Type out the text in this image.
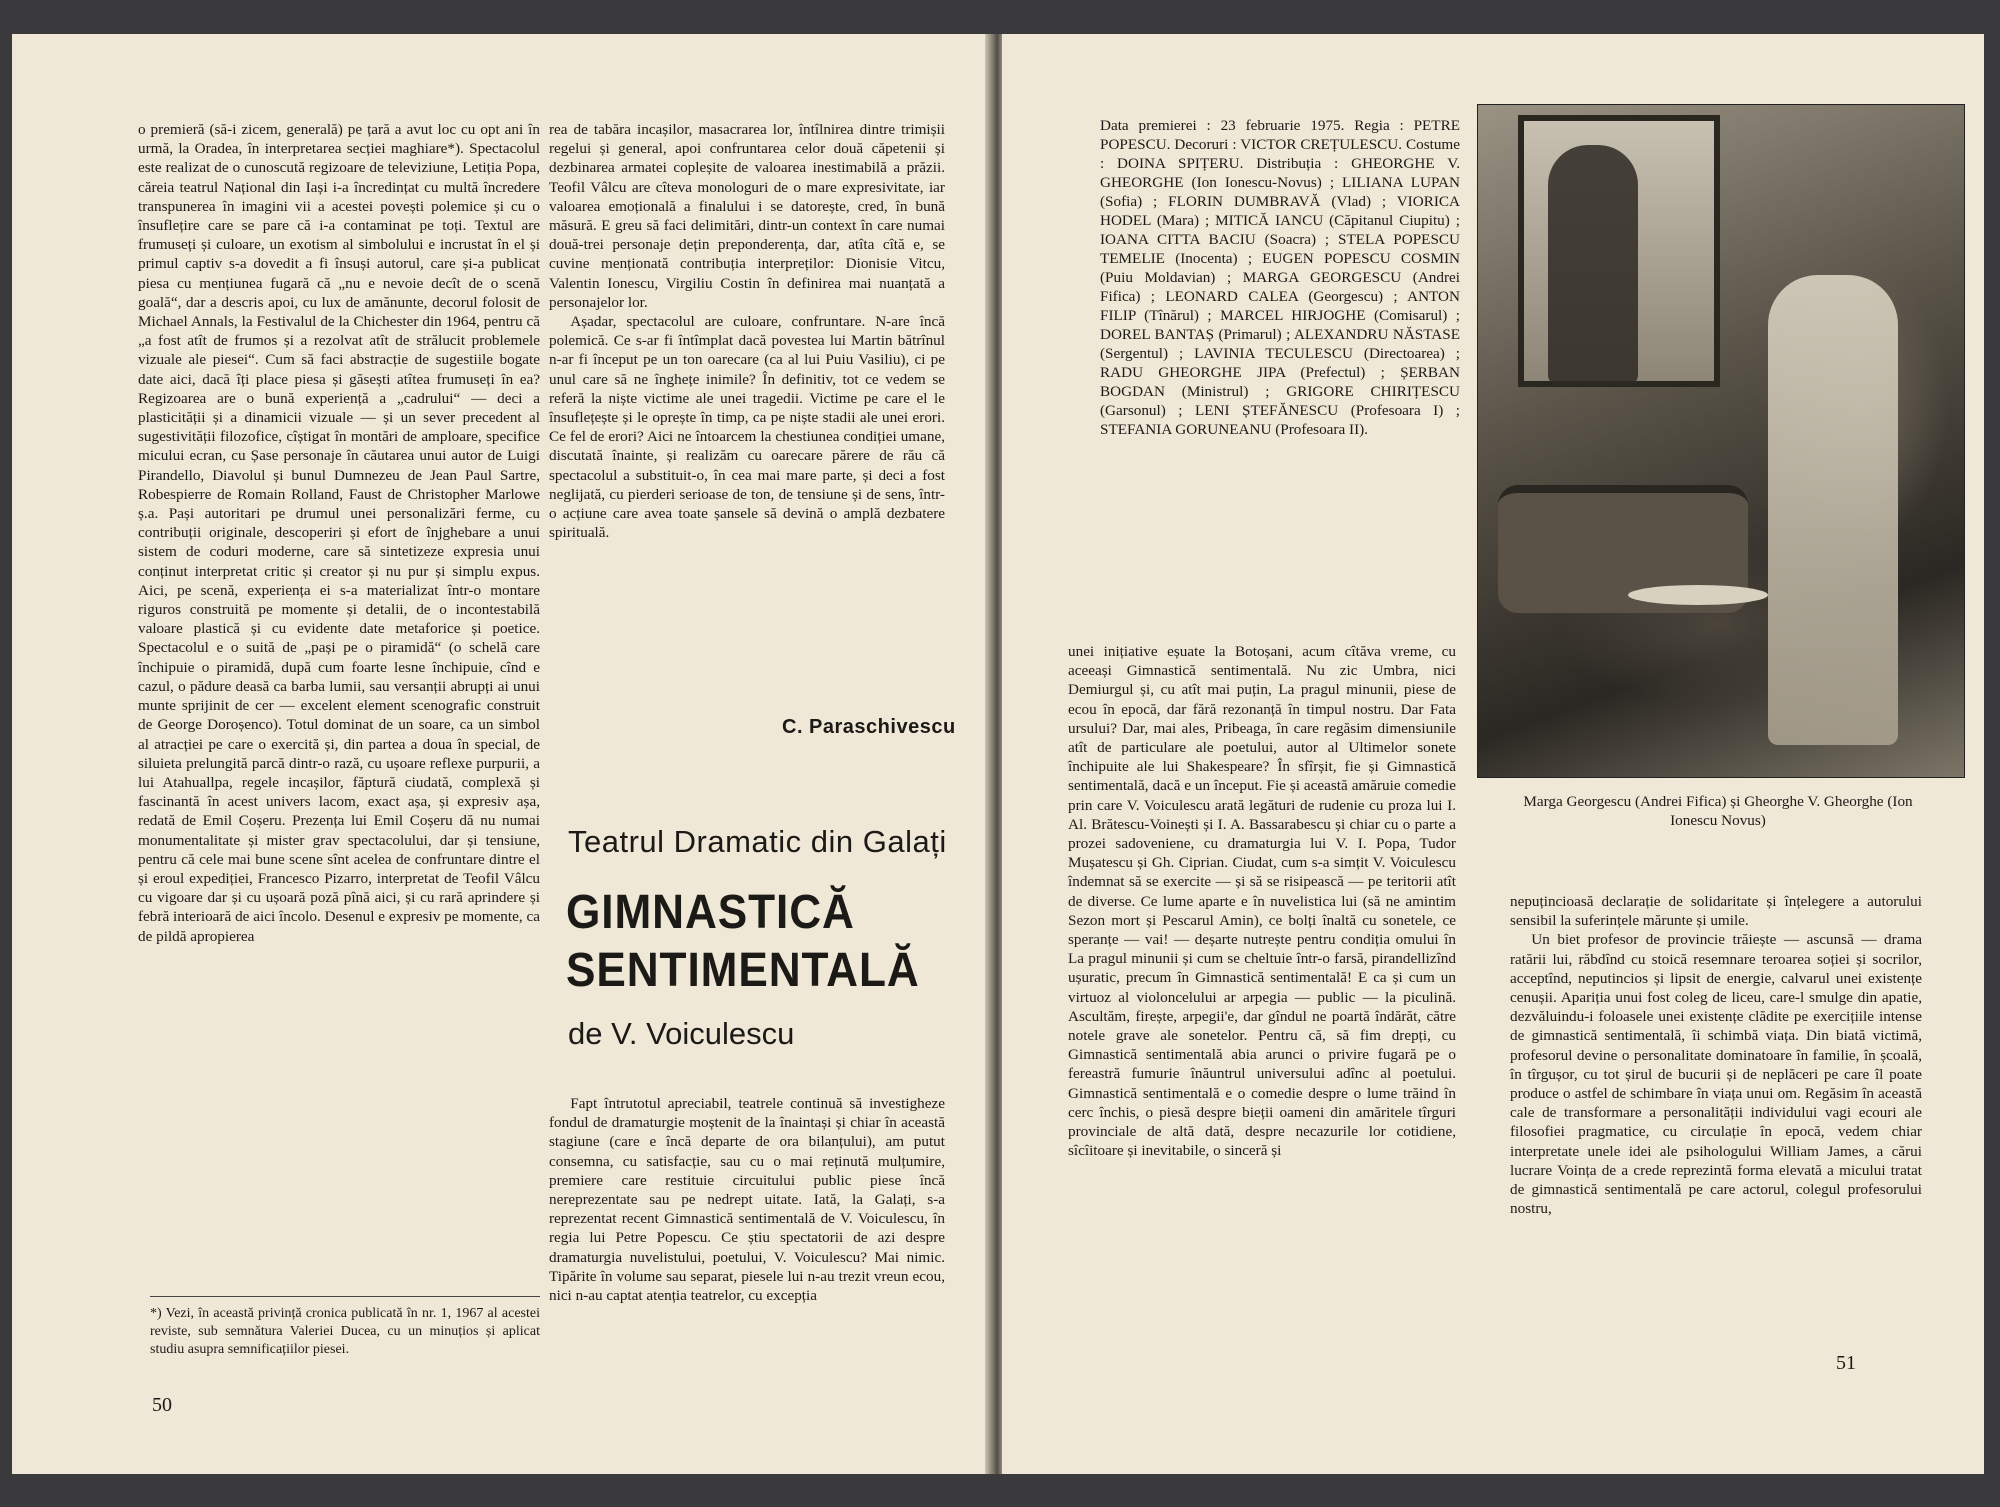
o premieră (să-i zicem, generală) pe țară a avut loc cu opt ani în urmă, la Oradea, în interpretarea secției maghiare*). Spectacolul este realizat de o cunoscută regizoare de televiziune, Letiția Popa, căreia teatrul Național din Iași i-a încredințat cu multă încredere transpunerea în imagini vii a acestei povești polemice și cu o însuflețire care se pare că i-a contaminat pe toți. Textul are frumuseți și culoare, un exotism al simbolului e incrustat în el și primul captiv s-a dovedit a fi însuși autorul, care și-a publicat piesa cu mențiunea fugară că „nu e nevoie decît de o scenă goală“, dar a descris apoi, cu lux de amănunte, decorul folosit de Michael Annals, la Festivalul de la Chichester din 1964, pentru că „a fost atît de frumos și a rezolvat atît de strălucit problemele vizuale ale piesei“. Cum să faci abstracție de sugestiile bogate date aici, dacă îți place piesa și găsești atîtea frumuseți în ea? Regizoarea are o bună experiență a „cadrului“ — deci a plasticității și a dinamicii vizuale — și un sever precedent al sugestivității filozofice, cîștigat în montări de amploare, specifice micului ecran, cu Șase personaje în căutarea unui autor de Luigi Pirandello, Diavolul și bunul Dumnezeu de Jean Paul Sartre, Robespierre de Romain Rolland, Faust de Christopher Marlowe ș.a. Pași autoritari pe drumul unei personalizări ferme, cu contribuții originale, descoperiri și efort de înjghebare a unui sistem de coduri moderne, care să sintetizeze expresia unui conținut interpretat critic și creator și nu pur și simplu expus. Aici, pe scenă, experiența ei s-a materializat într-o montare riguros construită pe momente și detalii, de o incontestabilă valoare plastică și cu evidente date metaforice și poetice. Spectacolul e o suită de „pași pe o piramidă“ (o schelă care închipuie o piramidă, după cum foarte lesne închipuie, cînd e cazul, o pădure deasă ca barba lumii, sau versanții abrupți ai unui munte sprijinit de cer — excelent element scenografic construit de George Doroșenco). Totul dominat de un soare, ca un simbol al atracției pe care o exercită și, din partea a doua în special, de siluieta prelungită parcă dintr-o rază, cu ușoare reflexe purpurii, a lui Atahuallpa, regele incașilor, făptură ciudată, complexă și fascinantă în acest univers lacom, exact așa, și expresiv așa, redată de Emil Coșeru. Prezența lui Emil Coșeru dă nu numai monumentalitate și mister grav spectacolului, dar și tensiune, pentru că cele mai bune scene sînt acelea de confruntare dintre el și eroul expediției, Francesco Pizarro, interpretat de Teofil Vâlcu cu vigoare dar și cu ușoară poză pînă aici, și cu rară aprindere și febră interioară de aici încolo. Desenul e expresiv pe momente, ca de pildă apropierea

rea de tabăra incașilor, masacrarea lor, întîlnirea dintre trimișii regelui și general, apoi confruntarea celor două căpetenii și dezbinarea armatei copleșite de valoarea inestimabilă a prăzii. Teofil Vâlcu are cîteva monologuri de o mare expresivitate, iar valoarea emoțională a finalului i se datorește, cred, în bună măsură. E greu să faci delimitări, dintr-un context în care numai două-trei personaje dețin preponderența, dar, atîta cîtă e, se cuvine menționată contribuția interpreților: Dionisie Vitcu, Valentin Ionescu, Virgiliu Costin în definirea mai nuanțată a personajelor lor.

Așadar, spectacolul are culoare, confruntare. N-are încă polemică. Ce s-ar fi întîmplat dacă povestea lui Martin bătrînul n-ar fi început pe un ton oarecare (ca al lui Puiu Vasiliu), ci pe unul care să ne înghețe inimile? În definitiv, tot ce vedem se referă la niște victime ale unei tragedii. Victime pe care el le însuflețește și le oprește în timp, ca pe niște stadii ale unei erori. Ce fel de erori? Aici ne întoarcem la chestiunea condiției umane, discutată înainte, și realizăm cu oarecare părere de rău că spectacolul a substituit-o, în cea mai mare parte, și deci a fost neglijată, cu pierderi serioase de ton, de tensiune și de sens, într-o acțiune care avea toate șansele să devină o amplă dezbatere spirituală.

C. Paraschivescu
Teatrul Dramatic din Galați
GIMNASTICĂ
SENTIMENTALĂ
de V. Voiculescu

Fapt întrutotul apreciabil, teatrele continuă să investigheze fondul de dramaturgie moștenit de la înaintași și chiar în această stagiune (care e încă departe de ora bilanțului), am putut consemna, cu satisfacție, sau cu o mai reținută mulțumire, premiere care restituie circuitului public piese încă nereprezentate sau pe nedrept uitate. Iată, la Galați, s-a reprezentat recent Gimnastică sentimentală de V. Voiculescu, în regia lui Petre Popescu. Ce știu spectatorii de azi despre dramaturgia nuvelistului, poetului, V. Voiculescu? Mai nimic. Tipărite în volume sau separat, piesele lui n-au trezit vreun ecou, nici n-au captat atenția teatrelor, cu excepția

*) Vezi, în această privință cronica publicată în nr. 1, 1967 al acestei reviste, sub semnătura Valeriei Ducea, cu un minuțios și aplicat studiu asupra semnificațiilor piesei.
50
Data premierei : 23 februarie 1975. Regia : PETRE POPESCU. Decoruri : VICTOR CREȚULESCU. Costume : DOINA SPIȚERU. Distribuția : GHEORGHE V. GHEORGHE (Ion Ionescu-Novus) ; LILIANA LUPAN (Sofia) ; FLORIN DUMBRAVĂ (Vlad) ; VIORICA HODEL (Mara) ; MITICĂ IANCU (Căpitanul Ciupitu) ; IOANA CITTA BACIU (Soacra) ; STELA POPESCU TEMELIE (Inocenta) ; EUGEN POPESCU COSMIN (Puiu Moldavian) ; MARGA GEORGESCU (Andrei Fifica) ; LEONARD CALEA (Georgescu) ; ANTON FILIP (Tînărul) ; MARCEL HIRJOGHE (Comisarul) ; DOREL BANTAȘ (Primarul) ; ALEXANDRU NĂSTASE (Sergentul) ; LAVINIA TECULESCU (Directoarea) ; RADU GHEORGHE JIPA (Prefectul) ; ȘERBAN BOGDAN (Ministrul) ; GRIGORE CHIRIȚESCU (Garsonul) ; LENI ȘTEFĂNESCU (Profesoara I) ; STEFANIA GORUNEANU (Profesoara II).
Marga Georgescu (Andrei Fifica) și Gheorghe V. Gheorghe (Ion Ionescu Novus)

unei inițiative eșuate la Botoșani, acum cîtăva vreme, cu aceeași Gimnastică sentimentală. Nu zic Umbra, nici Demiurgul și, cu atît mai puțin, La pragul minunii, piese de ecou în epocă, dar fără rezonanță în timpul nostru. Dar Fata ursului? Dar, mai ales, Pribeaga, în care regăsim dimensiunile atît de particulare ale poetului, autor al Ultimelor sonete închipuite ale lui Shakespeare? În sfîrșit, fie și Gimnastică sentimentală, dacă e un început. Fie și această amăruie comedie prin care V. Voiculescu arată legături de rudenie cu proza lui I. Al. Brătescu-Voinești și I. A. Bassarabescu și chiar cu o parte a prozei sadoveniene, cu dramaturgia lui V. I. Popa, Tudor Mușatescu și Gh. Ciprian. Ciudat, cum s-a simțit V. Voiculescu îndemnat să se exercite — și să se risipească — pe teritorii atît de diverse. Ce lume aparte e în nuvelistica lui (să ne amintim Sezon mort și Pescarul Amin), ce bolți înaltă cu sonetele, ce speranțe — vai! — deșarte nutrește pentru condiția omului în La pragul minunii și cum se cheltuie într-o farsă, pirandellizînd ușuratic, precum în Gimnastică sentimentală! E ca și cum un virtuoz al violoncelului ar arpegia — public — la piculină. Ascultăm, firește, arpegii'e, dar gîndul ne poartă îndărăt, către notele grave ale sonetelor. Pentru că, să fim drepți, cu Gimnastică sentimentală abia arunci o privire fugară pe o fereastră fumurie înăuntrul universului adînc al poetului. Gimnastică sentimentală e o comedie despre o lume trăind în cerc închis, o piesă despre bieții oameni din amăritele tîrguri provinciale de altă dată, despre necazurile lor cotidiene, sîcîitoare și inevitabile, o sinceră și

nepuțincioasă declarație de solidaritate și înțelegere a autorului sensibil la suferințele mărunte și umile.

Un biet profesor de provincie trăiește — ascunsă — drama ratării lui, răbdînd cu stoică resemnare teroarea soției și socrilor, acceptînd, neputincios și lipsit de energie, calvarul unei existențe cenușii. Apariția unui fost coleg de liceu, care-l smulge din apatie, dezvăluindu-i foloasele unei existențe clădite pe exercițiile intense de gimnastică sentimentală, îi schimbă viața. Din biată victimă, profesorul devine o personalitate dominatoare în familie, în școală, în tîrgușor, cu tot șirul de bucurii și de neplăceri pe care îl poate produce o astfel de schimbare în viața unui om. Regăsim în această cale de transformare a personalității individului vagi ecouri ale filosofiei pragmatice, cu circulație în epocă, vedem chiar interpretate unele idei ale psihologului William James, a cărui lucrare Voința de a crede reprezintă forma elevată a micului tratat de gimnastică sentimentală pe care actorul, colegul profesorului nostru,

51
